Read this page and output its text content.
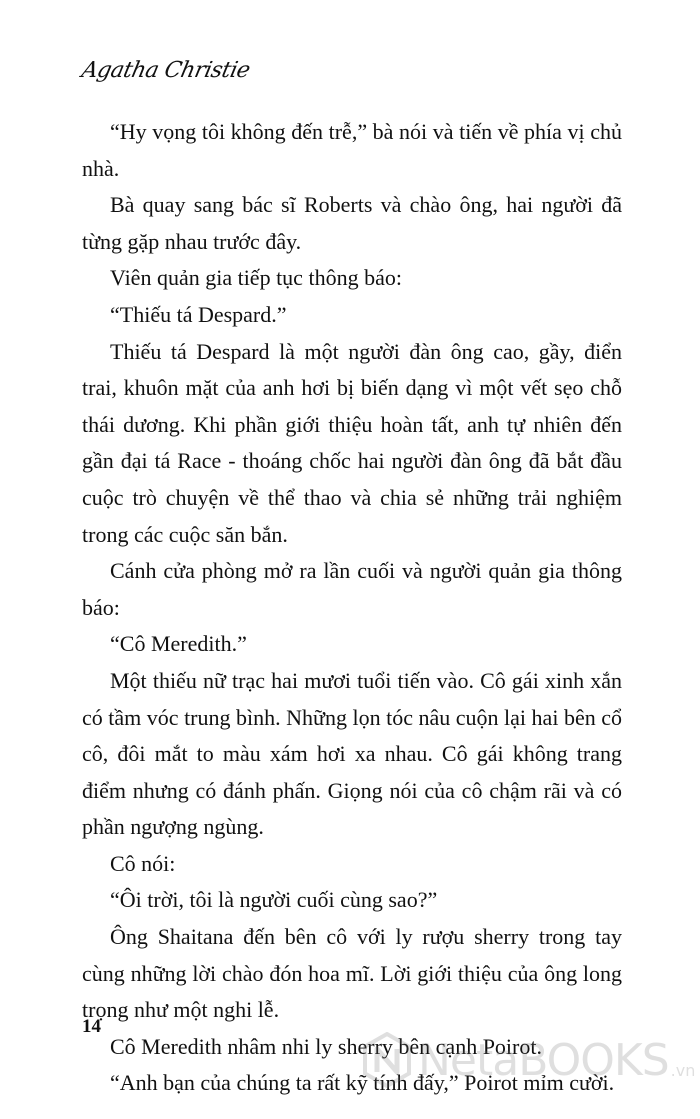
Agatha Christie

“Hy vọng tôi không đến trễ,” bà nói và tiến về phía vị chủ nhà.

Bà quay sang bác sĩ Roberts và chào ông, hai người đã từng gặp nhau trước đây.

Viên quản gia tiếp tục thông báo:

“Thiếu tá Despard.”

Thiếu tá Despard là một người đàn ông cao, gầy, điển trai, khuôn mặt của anh hơi bị biến dạng vì một vết sẹo chỗ thái dương. Khi phần giới thiệu hoàn tất, anh tự nhiên đến gần đại tá Race - thoáng chốc hai người đàn ông đã bắt đầu cuộc trò chuyện về thể thao và chia sẻ những trải nghiệm trong các cuộc săn bắn.

Cánh cửa phòng mở ra lần cuối và người quản gia thông báo:

“Cô Meredith.”

Một thiếu nữ trạc hai mươi tuổi tiến vào. Cô gái xinh xắn có tầm vóc trung bình. Những lọn tóc nâu cuộn lại hai bên cổ cô, đôi mắt to màu xám hơi xa nhau. Cô gái không trang điểm nhưng có đánh phấn. Giọng nói của cô chậm rãi và có phần ngượng ngùng.

Cô nói:

“Ôi trời, tôi là người cuối cùng sao?”

Ông Shaitana đến bên cô với ly rượu sherry trong tay cùng những lời chào đón hoa mĩ. Lời giới thiệu của ông long trọng như một nghi lễ.

Cô Meredith nhâm nhi ly sherry bên cạnh Poirot.

“Anh bạn của chúng ta rất kỹ tính đấy,” Poirot mỉm cười.

14
NetaBOOKS .vn
